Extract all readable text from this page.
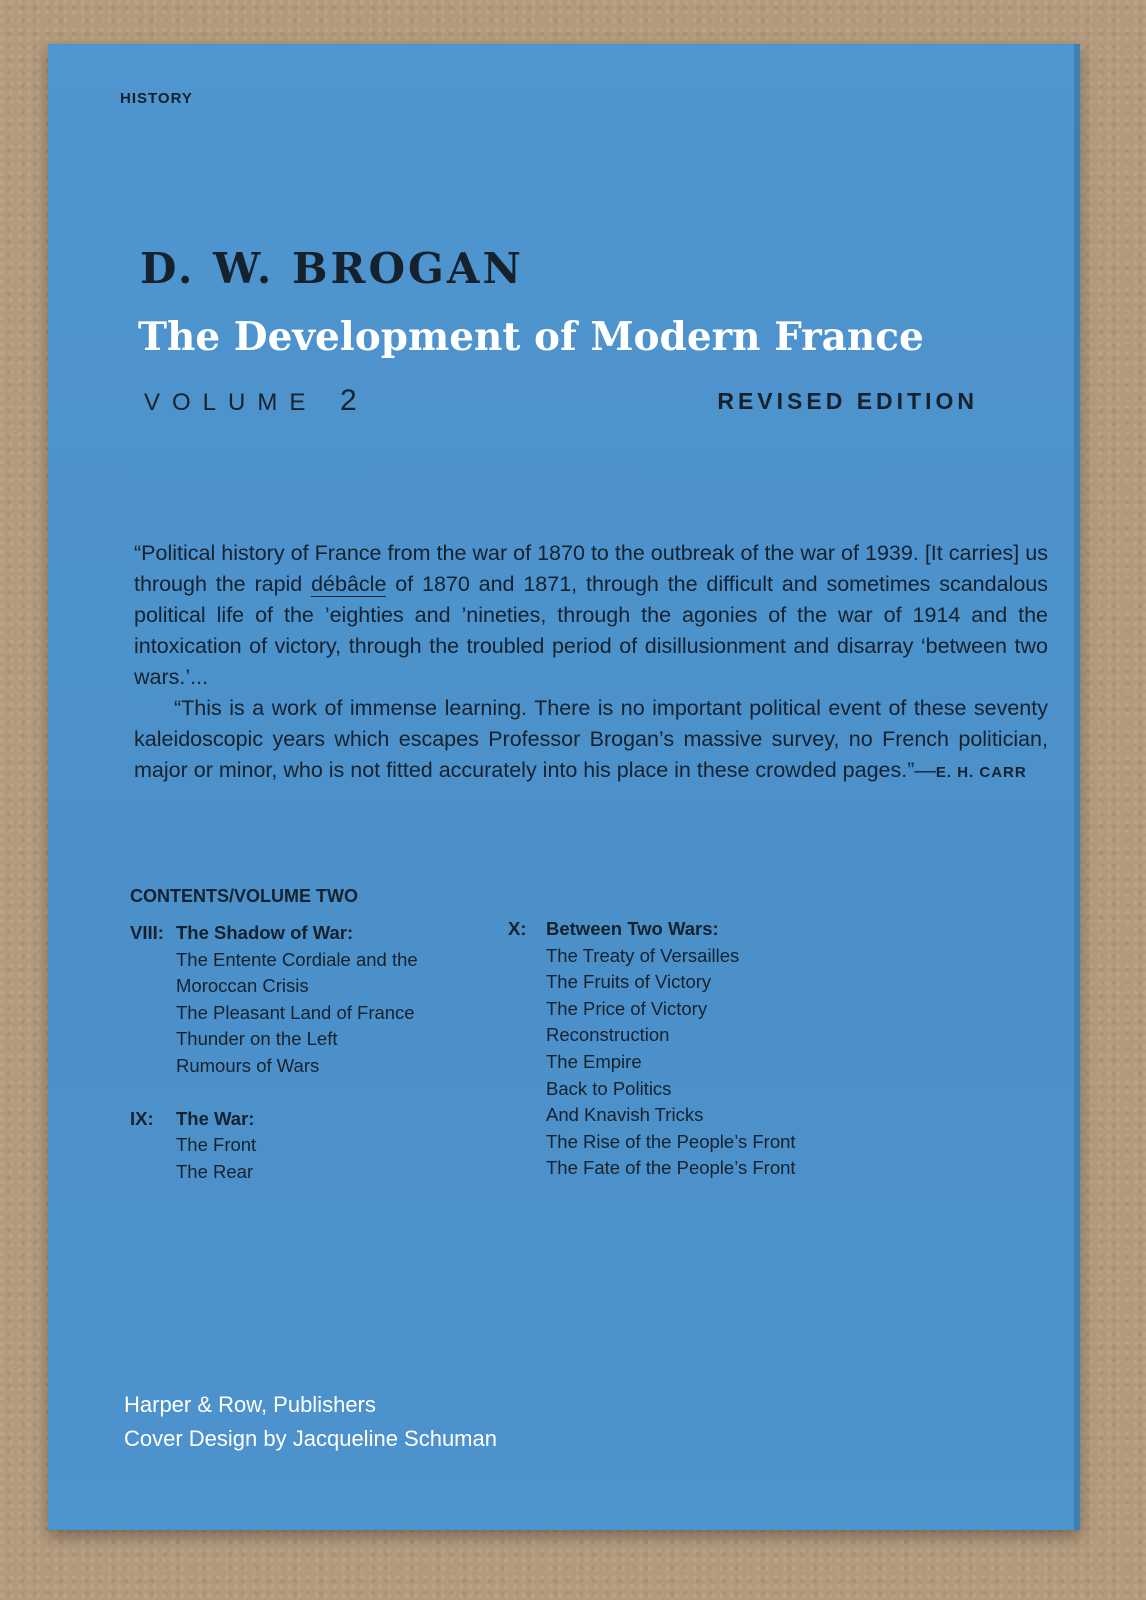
HISTORY
D. W. BROGAN
The Development of Modern France
VOLUME 2	REVISED EDITION

“Political history of France from the war of 1870 to the outbreak of the war of 1939. [It carries] us through the rapid débâcle of 1870 and 1871, through the difficult and sometimes scandalous political life of the ’eighties and ’nineties, through the agonies of the war of 1914 and the intoxication of victory, through the troubled period of disillusionment and disarray ‘between two wars.’...

“This is a work of immense learning. There is no important political event of these seventy kaleidoscopic years which escapes Professor Brogan’s massive survey, no French politician, major or minor, who is not fitted accurately into his place in these crowded pages.”—E. H. CARR

CONTENTS/VOLUME TWO
VIII: The Shadow of War:
The Entente Cordiale and the
Moroccan Crisis
The Pleasant Land of France
Thunder on the Left
Rumours of Wars
IX:	The War:
The Front
The Rear
X:	Between Two Wars:
The Treaty of Versailles
The Fruits of Victory
The Price of Victory
Reconstruction
The Empire
Back to Politics
And Knavish Tricks
The Rise of the People’s Front
The Fate of the People’s Front
Harper & Row, Publishers
Cover Design by Jacqueline Schuman
